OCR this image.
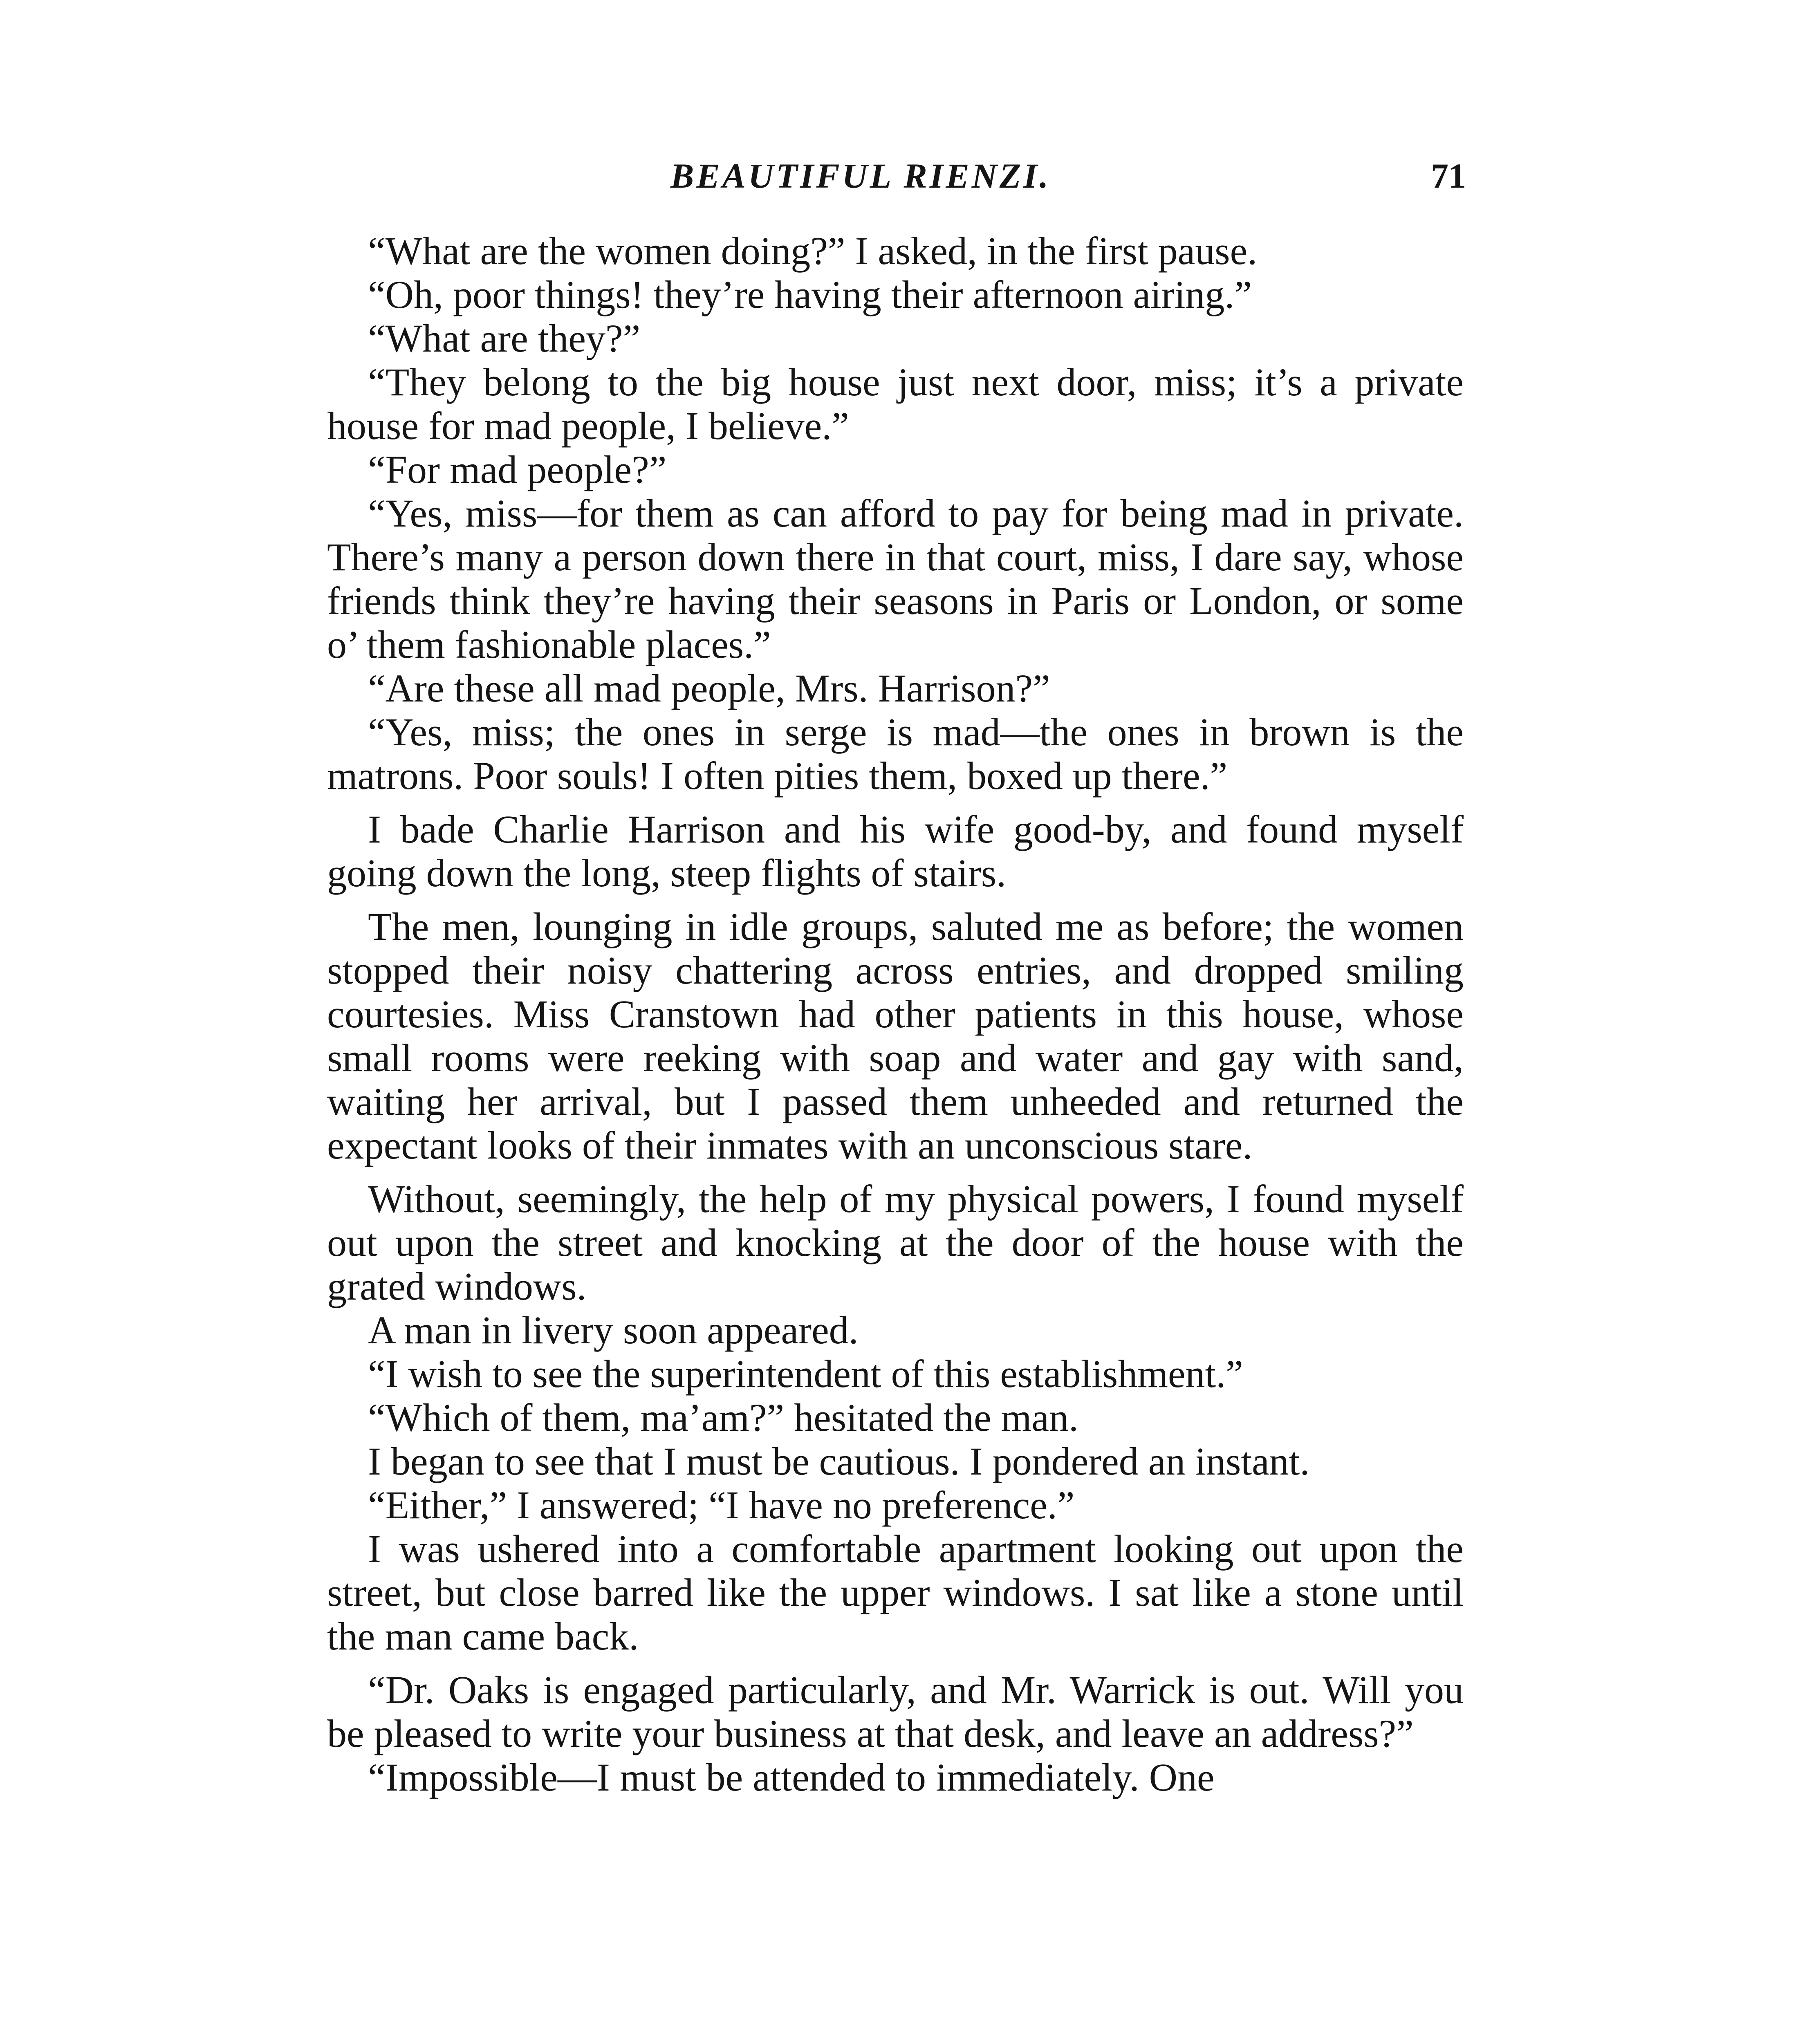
BEAUTIFUL RIENZI.	71

“What are the women doing?” I asked, in the first pause.

“Oh, poor things! they’re having their afternoon airing.”

“What are they?”

“They belong to the big house just next door, miss; it’s a private house for mad people, I believe.”

“For mad people?”

“Yes, miss—for them as can afford to pay for being mad in private. There’s many a person down there in that court, miss, I dare say, whose friends think they’re having their seasons in Paris or London, or some o’ them fashionable places.”

“Are these all mad people, Mrs. Harrison?”

“Yes, miss; the ones in serge is mad—the ones in brown is the matrons. Poor souls! I often pities them, boxed up there.”

I bade Charlie Harrison and his wife good-by, and found myself going down the long, steep flights of stairs.

The men, lounging in idle groups, saluted me as before; the women stopped their noisy chattering across entries, and dropped smiling courtesies. Miss Cranstown had other patients in this house, whose small rooms were reeking with soap and water and gay with sand, waiting her arrival, but I passed them unheeded and returned the expectant looks of their inmates with an unconscious stare.

Without, seemingly, the help of my physical powers, I found myself out upon the street and knocking at the door of the house with the grated windows.

A man in livery soon appeared.

“I wish to see the superintendent of this establishment.”

“Which of them, ma’am?” hesitated the man.

I began to see that I must be cautious. I pondered an instant.

“Either,” I answered; “I have no preference.”

I was ushered into a comfortable apartment looking out upon the street, but close barred like the upper windows. I sat like a stone until the man came back.

“Dr. Oaks is engaged particularly, and Mr. Warrick is out. Will you be pleased to write your business at that desk, and leave an address?”

“Impossible—I must be attended to immediately. One
